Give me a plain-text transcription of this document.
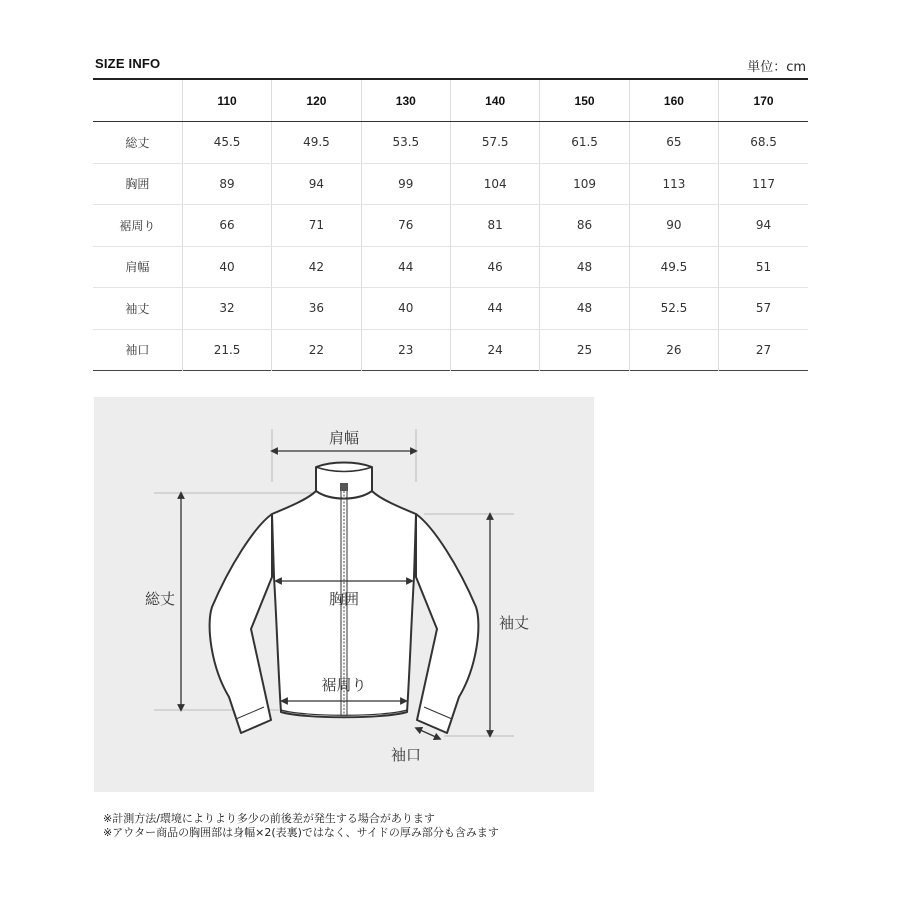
SIZE INFO	単位：cm
	110	120	130	140	150	160	170
総丈	45.5	49.5	53.5	57.5	61.5	65	68.5
胸囲	89	94	99	104	109	113	117
裾周り	66	71	76	81	86	90	94
肩幅	40	42	44	46	48	49.5	51
袖丈	32	36	40	44	48	52.5	57
袖口	21.5	22	23	24	25	26	27
肩幅
総丈	胸囲
裾周り
袖丈
袖口
※計測方法/環境によりより多少の前後差が発生する場合があります
※アウター商品の胸囲部は身幅×2(表裏)ではなく、サイドの厚み部分も含みます
